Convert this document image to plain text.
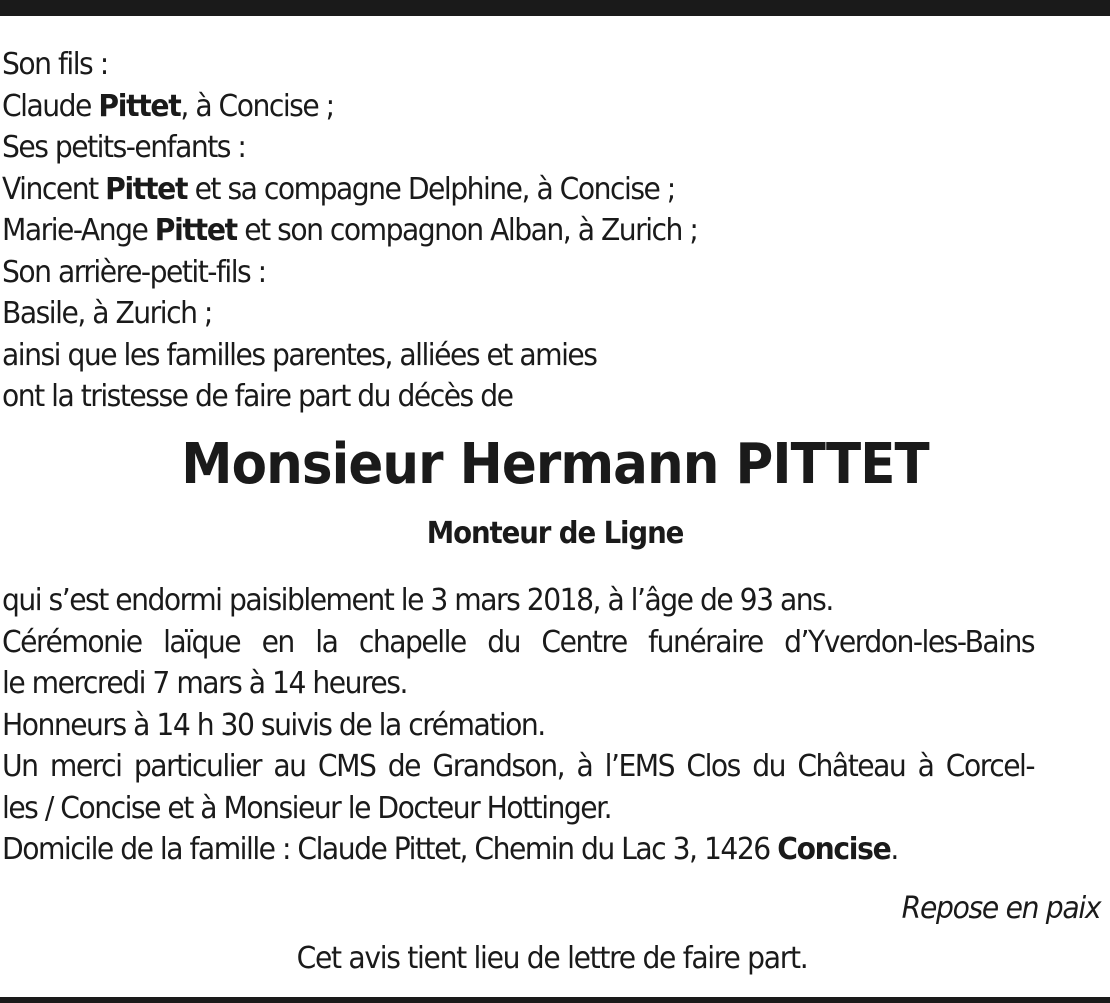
Son fils :
Claude Pittet, à Concise ;
Ses petits-enfants :
Vincent Pittet et sa compagne Delphine, à Concise ;
Marie-Ange Pittet et son compagnon Alban, à Zurich ;
Son arrière-petit-fils :
Basile, à Zurich ;
ainsi que les familles parentes, alliées et amies
ont la tristesse de faire part du décès de
Monsieur Hermann PITTET
Monteur de Ligne
qui s’est endormi paisiblement le 3 mars 2018, à l’âge de 93 ans.
Cérémonie laïque en la chapelle du Centre funéraire d’Yverdon-les-Bains
le mercredi 7 mars à 14 heures.
Honneurs à 14 h 30 suivis de la crémation.
Un merci particulier au CMS de Grandson, à l’EMS Clos du Château à Corcel-
les / Concise et à Monsieur le Docteur Hottinger.
Domicile de la famille : Claude Pittet, Chemin du Lac 3, 1426 Concise.
Repose en paix
Cet avis tient lieu de lettre de faire part.
